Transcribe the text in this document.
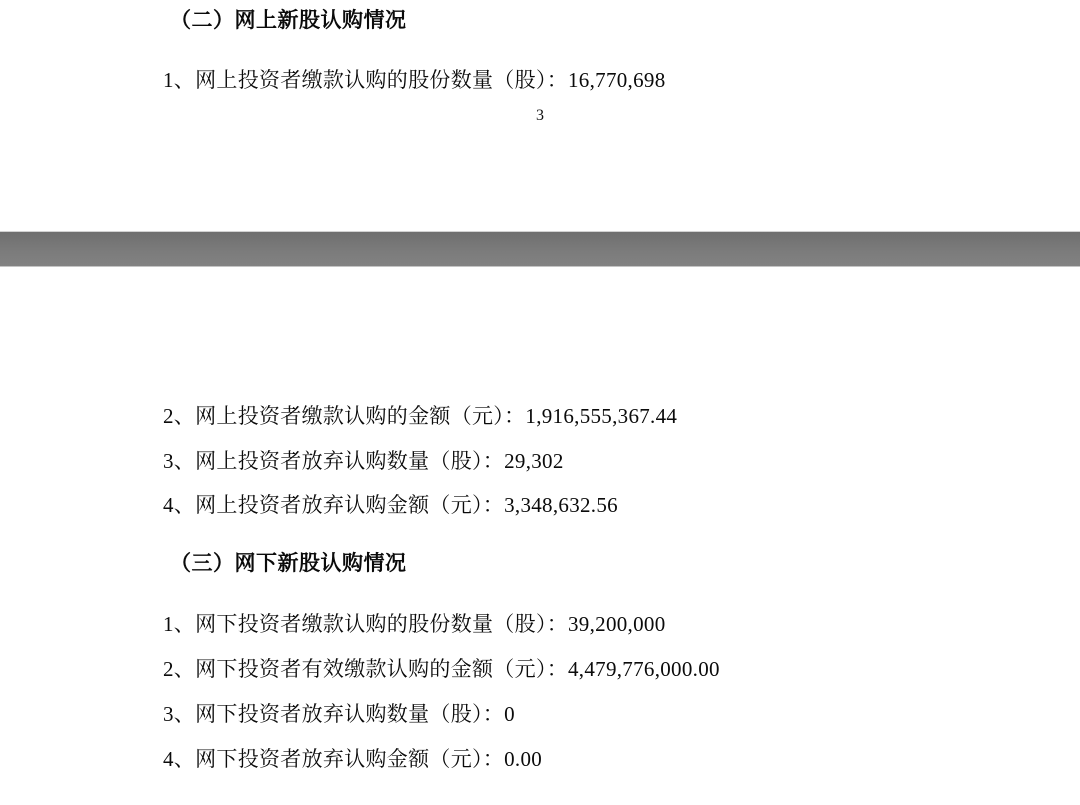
（二）网上新股认购情况
1、网上投资者缴款认购的股份数量（股）：16,770,698
3
2、网上投资者缴款认购的金额（元）：1,916,555,367.44
3、网上投资者放弃认购数量（股）：29,302
4、网上投资者放弃认购金额（元）：3,348,632.56
（三）网下新股认购情况
1、网下投资者缴款认购的股份数量（股）：39,200,000
2、网下投资者有效缴款认购的金额（元）：4,479,776,000.00
3、网下投资者放弃认购数量（股）：0
4、网下投资者放弃认购金额（元）：0.00
